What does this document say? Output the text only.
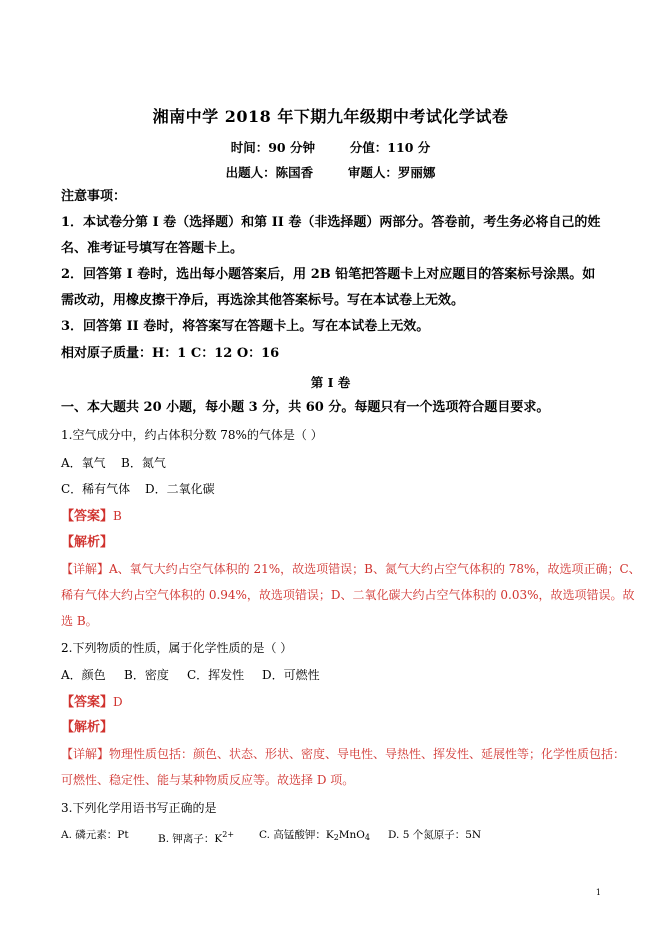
湘南中学 2018 年下期九年级期中考试化学试卷
时间：90 分钟        分值：110 分
出题人：陈国香        审题人：罗丽娜
注意事项：
1．本试卷分第 I 卷（选择题）和第 II 卷（非选择题）两部分。答卷前，考生务必将自己的姓
名、准考证号填写在答题卡上。
2．回答第 I 卷时，选出每小题答案后，用 2B 铅笔把答题卡上对应题目的答案标号涂黑。如
需改动，用橡皮擦干净后，再选涂其他答案标号。写在本试卷上无效。
3．回答第 II 卷时，将答案写在答题卡上。写在本试卷上无效。
相对原子质量：H：1 C：12 O：16
第 I 卷
一、本大题共 20 小题，每小题 3 分，共 60 分。每题只有一个选项符合题目要求。
1.空气成分中，约占体积分数 78%的气体是（ ）
A．氧气 B．氮气
C．稀有气体 D．二氧化碳
【答案】B
【解析】
【详解】A、氧气大约占空气体积的 21%，故选项错误；B、氮气大约占空气体积的 78%，故选项正确；C、
稀有气体大约占空气体积的 0.94%，故选项错误；D、二氧化碳大约占空气体积的 0.03%，故选项错误。故
选 B。
2.下列物质的性质，属于化学性质的是（ ）
A．颜色 B．密度 C．挥发性 D．可燃性
【答案】D
【解析】
【详解】物理性质包括：颜色、状态、形状、密度、导电性、导热性、挥发性、延展性等；化学性质包括：
可燃性、稳定性、能与某种物质反应等。故选择 D 项。
3.下列化学用语书写正确的是
A. 磷元素：Pt	B. 钾离子：$K^{2+}$ C. 高锰酸钾：$K_2MnO_4$ D. 5 个氮原子：5N
1
